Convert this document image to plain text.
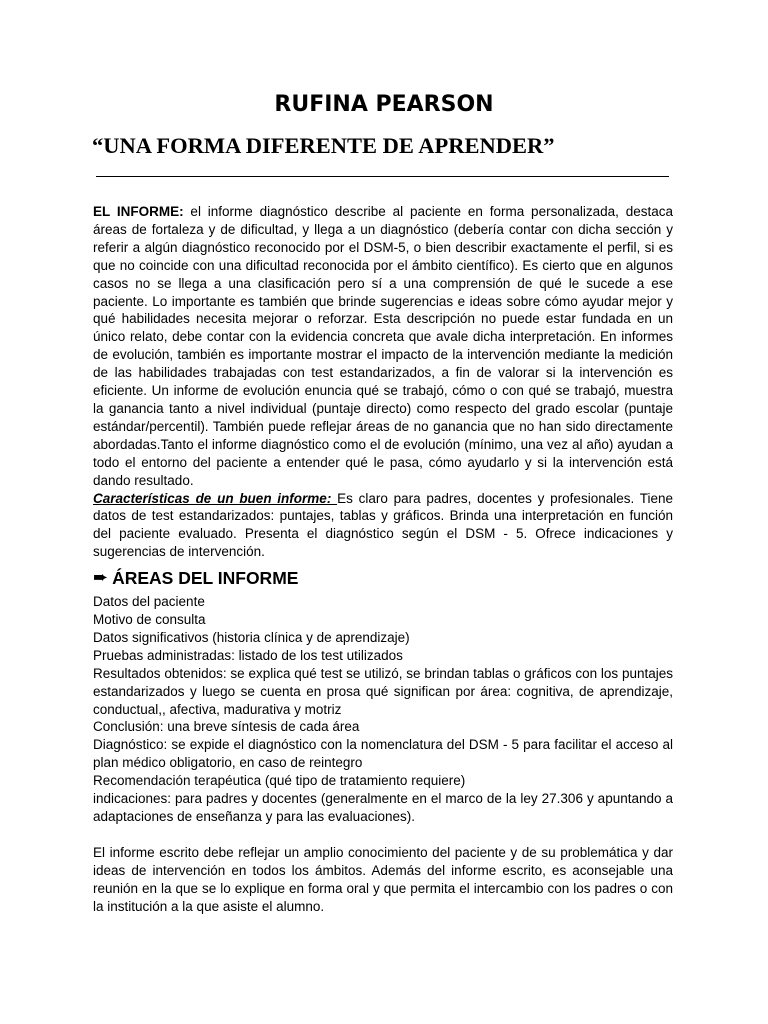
RUFINA PEARSON
“UNA FORMA DIFERENTE DE APRENDER”

EL INFORME: el informe diagnóstico describe al paciente en forma personalizada, destaca áreas de fortaleza y de dificultad, y llega a un diagnóstico (debería contar con dicha sección y referir a algún diagnóstico reconocido por el DSM-5, o bien describir exactamente el perfil, si es que no coincide con una dificultad reconocida por el ámbito científico). Es cierto que en algunos casos no se llega a una clasificación pero sí a una comprensión de qué le sucede a ese paciente. Lo importante es también que brinde sugerencias e ideas sobre cómo ayudar mejor y qué habilidades necesita mejorar o reforzar. Esta descripción no puede estar fundada en un único relato, debe contar con la evidencia concreta que avale dicha interpretación. En informes de evolución, también es importante mostrar el impacto de la intervención mediante la medición de las habilidades trabajadas con test estandarizados, a fin de valorar si la intervención es eficiente. Un informe de evolución enuncia qué se trabajó, cómo o con qué se trabajó, muestra la ganancia tanto a nivel individual (puntaje directo) como respecto del grado escolar (puntaje estándar/percentil). También puede reflejar áreas de no ganancia que no han sido directamente abordadas.Tanto el informe diagnóstico como el de evolución (mínimo, una vez al año) ayudan a todo el entorno del paciente a entender qué le pasa, cómo ayudarlo y si la intervención está dando resultado.

Características de un buen informe: Es claro para padres, docentes y profesionales. Tiene datos de test estandarizados: puntajes, tablas y gráficos. Brinda una interpretación en función del paciente evaluado. Presenta el diagnóstico según el DSM - 5. Ofrece indicaciones y sugerencias de intervención.

➨ ÁREAS DEL INFORME
Datos del paciente
Motivo de consulta
Datos significativos (historia clínica y de aprendizaje)
Pruebas administradas: listado de los test utilizados
Resultados obtenidos: se explica qué test se utilizó, se brindan tablas o gráficos con los puntajes estandarizados y luego se cuenta en prosa qué significan por área: cognitiva, de aprendizaje, conductual,, afectiva, madurativa y motriz
Conclusión: una breve síntesis de cada área
Diagnóstico: se expide el diagnóstico con la nomenclatura del DSM - 5 para facilitar el acceso al plan médico obligatorio, en caso de reintegro
Recomendación terapéutica (qué tipo de tratamiento requiere)
indicaciones: para padres y docentes (generalmente en el marco de la ley 27.306 y apuntando a adaptaciones de enseñanza y para las evaluaciones).

El informe escrito debe reflejar un amplio conocimiento del paciente y de su problemática y dar ideas de intervención en todos los ámbitos. Además del informe escrito, es aconsejable una reunión en la que se lo explique en forma oral y que permita el intercambio con los padres o con la institución a la que asiste el alumno.
